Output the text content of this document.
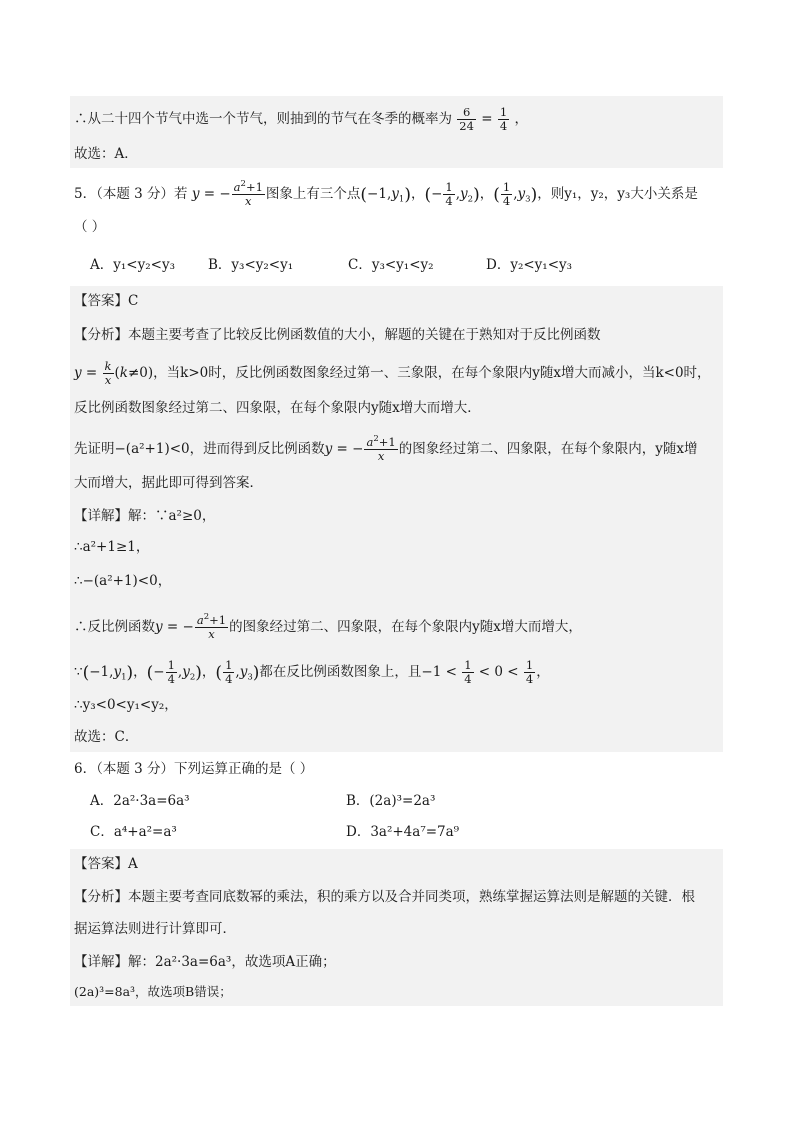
∴从二十四个节气中选一个节气，则抽到的节气在冬季的概率为 $\frac{6}{24} = \frac{1}{4}$ ，
故选：A．
5．（本题 3 分）若 y = − $\frac{a^2+1}{x}$ 图象上有三个点$(-1,y_1)$，(− $\frac{1}{4} ,y_2$)，( $\frac{1}{4} ,y_3$)，则y₁，y₂，y₃大小关系是
（ ）
A．y₁<y₂<y₃ B．y₃<y₂<y₁	C．y₃<y₁<y₂	D．y₂<y₁<y₃
【答案】C
【分析】本题主要考查了比较反比例函数值的大小，解题的关键在于熟知对于反比例函数
$y = \frac{k}{x} (k\ne 0)$，当k>0时，反比例函数图象经过第一、三象限，在每个象限内y随x增大而减小，当k<0时，
反比例函数图象经过第二、四象限，在每个象限内y随x增大而增大．
先证明−(a²+1)<0，进而得到反比例函数y = − $\frac{a^2+1}{x}$ 的图象经过第二、四象限，在每个象限内，y随x增
大而增大，据此即可得到答案．
【详解】解：∵a²≥0，
∴a²+1≥1，
∴−(a²+1)<0，
∴反比例函数y = − $\frac{a^2+1}{x}$ 的图象经过第二、四象限，在每个象限内y随x增大而增大，
$\because(-1,y_1)$，(− $\frac{1}{4} ,y_2$)，( $\frac{1}{4} ,y_3$)都在反比例函数图象上，且$-1 < \frac{1}{4} < 0 < \frac{1}{4}$ ，
∴y₃<0<y₁<y₂，
故选：C．
6．（本题 3 分）下列运算正确的是（ ）
A．2a²·3a=6a³	B．(2a)³=2a³
C．a⁴+a²=a³	D．3a²+4a⁷=7a⁹
【答案】A
【分析】本题主要考查同底数幂的乘法，积的乘方以及合并同类项，熟练掌握运算法则是解题的关键．根
据运算法则进行计算即可．
【详解】解：2a²·3a=6a³，故选项A正确；
(2a)³=8a³，故选项B错误；
